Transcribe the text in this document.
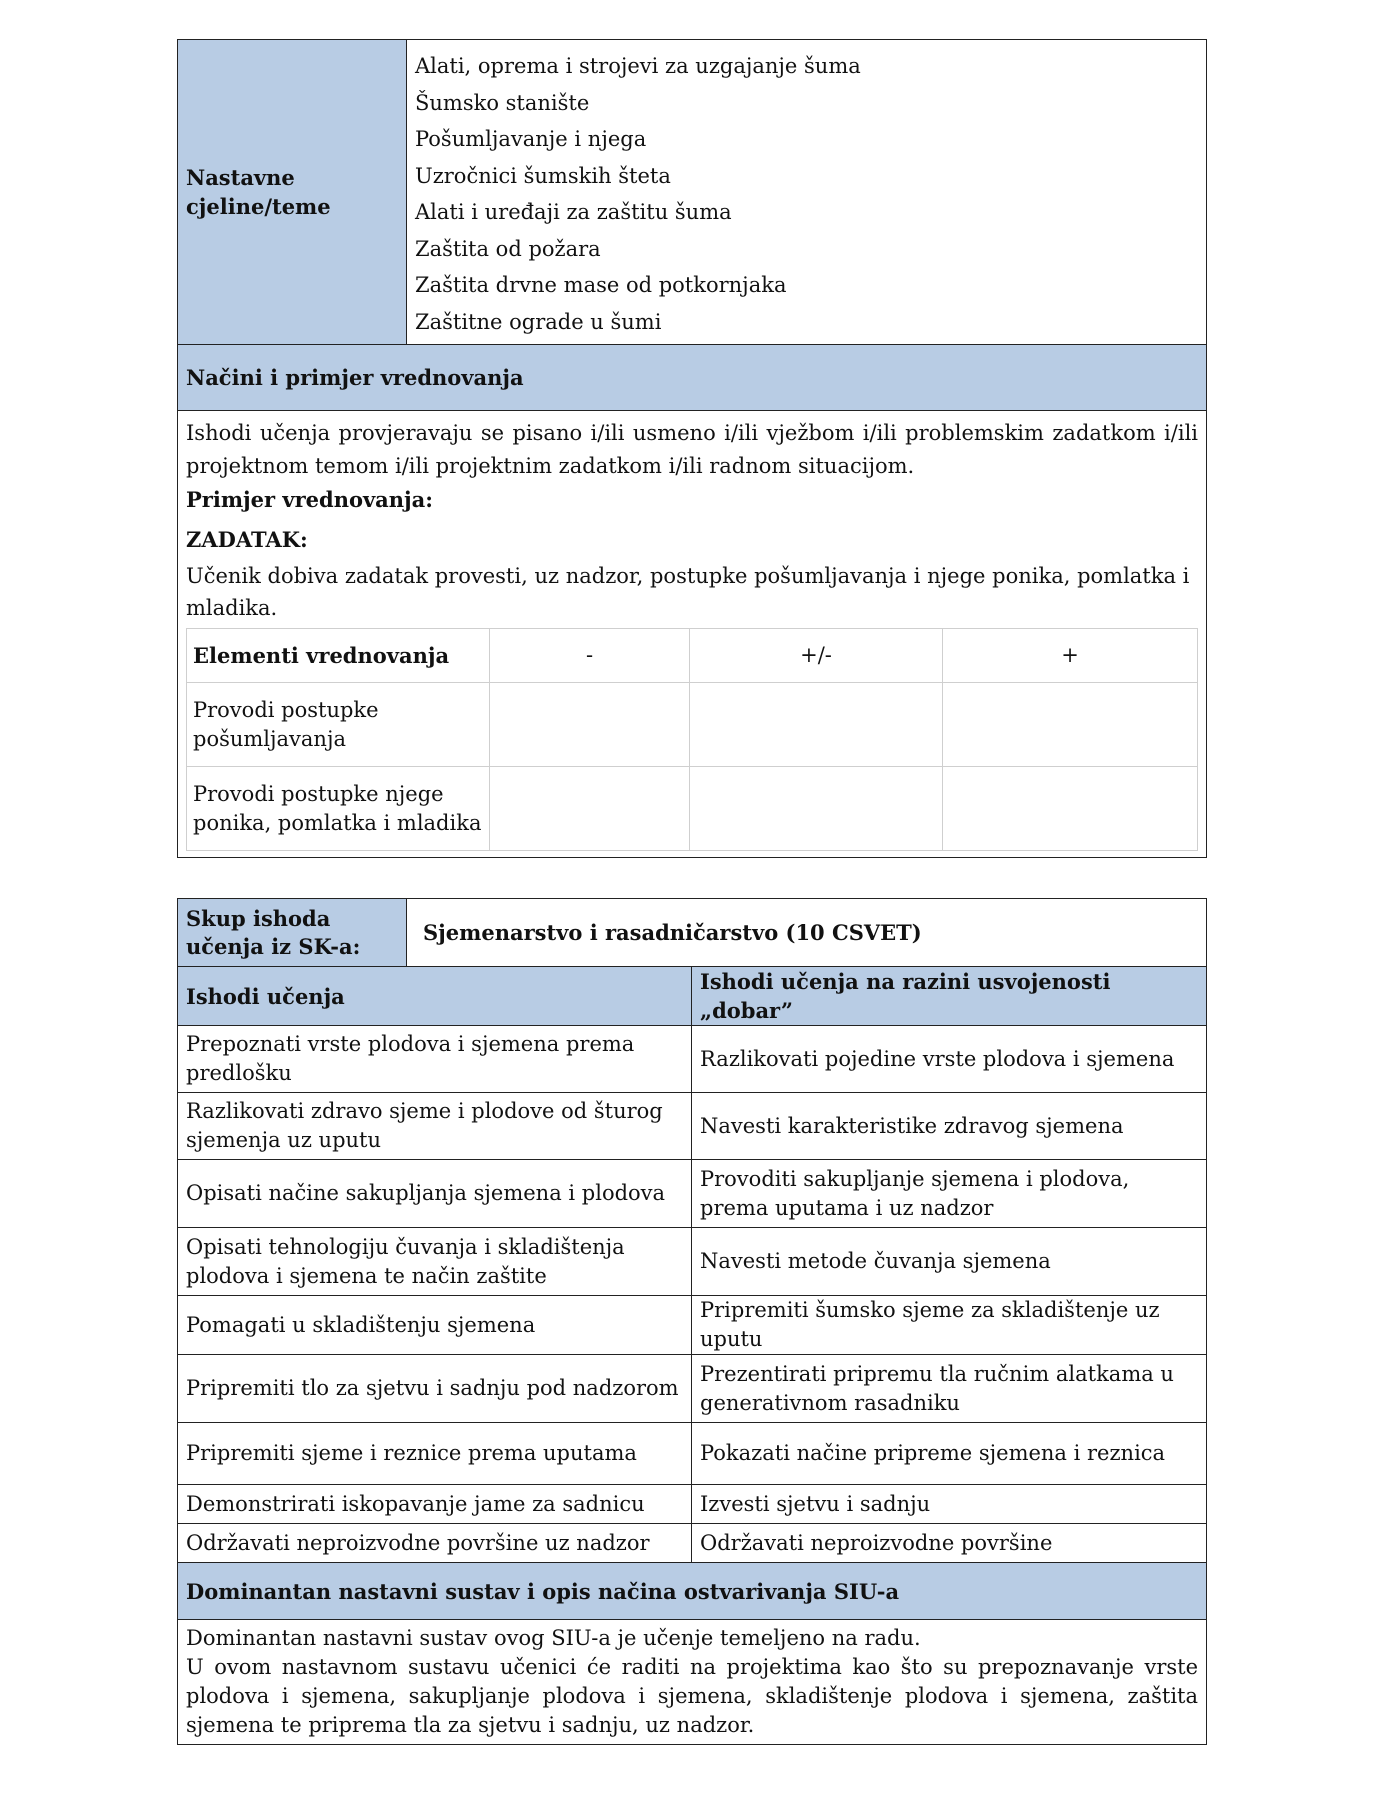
Nastavne cjeline/teme	
Alati, oprema i strojevi za uzgajanje šuma
Šumsko stanište
Pošumljavanje i njega
Uzročnici šumskih šteta
Alati i uređaji za zaštitu šuma
Zaštita od požara
Zaštita drvne mase od potkornjaka
Zaštitne ograde u šumi

Načini i primjer vrednovanja

Ishodi učenja provjeravaju se pisano i/ili usmeno i/ili vježbom i/ili problemskim zadatkom i/ili projektnom temom i/ili projektnim zadatkom i/ili radnom situacijom.

Primjer vrednovanja:

ZADATAK:

Učenik dobiva zadatak provesti, uz nadzor, postupke pošumljavanja i njege ponika, pomlatka i mladika.

Elementi vrednovanja	-	+/-	+
Provodi postupke pošumljavanja			
Provodi postupke njege ponika, pomlatka i mladika			
Skup ishoda učenja iz SK-a:	Sjemenarstvo i rasadničarstvo (10 CSVET)	
Ishodi učenja		Ishodi učenja na razini usvojenosti „dobar”
Prepoznati vrste plodova i sjemena prema predlošku		Razlikovati pojedine vrste plodova i sjemena
Razlikovati zdravo sjeme i plodove od šturog sjemenja uz uputu		Navesti karakteristike zdravog sjemena
Opisati načine sakupljanja sjemena i plodova		Provoditi sakupljanje sjemena i plodova, prema uputama i uz nadzor
Opisati tehnologiju čuvanja i skladištenja plodova i sjemena te način zaštite		Navesti metode čuvanja sjemena
Pomagati u skladištenju sjemena		Pripremiti šumsko sjeme za skladištenje uz uputu
Pripremiti tlo za sjetvu i sadnju pod nadzorom		Prezentirati pripremu tla ručnim alatkama u generativnom rasadniku
Pripremiti sjeme i reznice prema uputama		Pokazati načine pripreme sjemena i reznica
Demonstrirati iskopavanje jame za sadnicu		Izvesti sjetvu i sadnju
Održavati neproizvodne površine uz nadzor		Održavati neproizvodne površine
Dominantan nastavni sustav i opis načina ostvarivanja SIU-a		

Dominantan nastavni sustav ovog SIU-a je učenje temeljeno na radu.

U ovom nastavnom sustavu učenici će raditi na projektima kao što su prepoznavanje vrste plodova i sjemena, sakupljanje plodova i sjemena, skladištenje plodova i sjemena, zaštita sjemena te priprema tla za sjetvu i sadnju, uz nadzor.		
